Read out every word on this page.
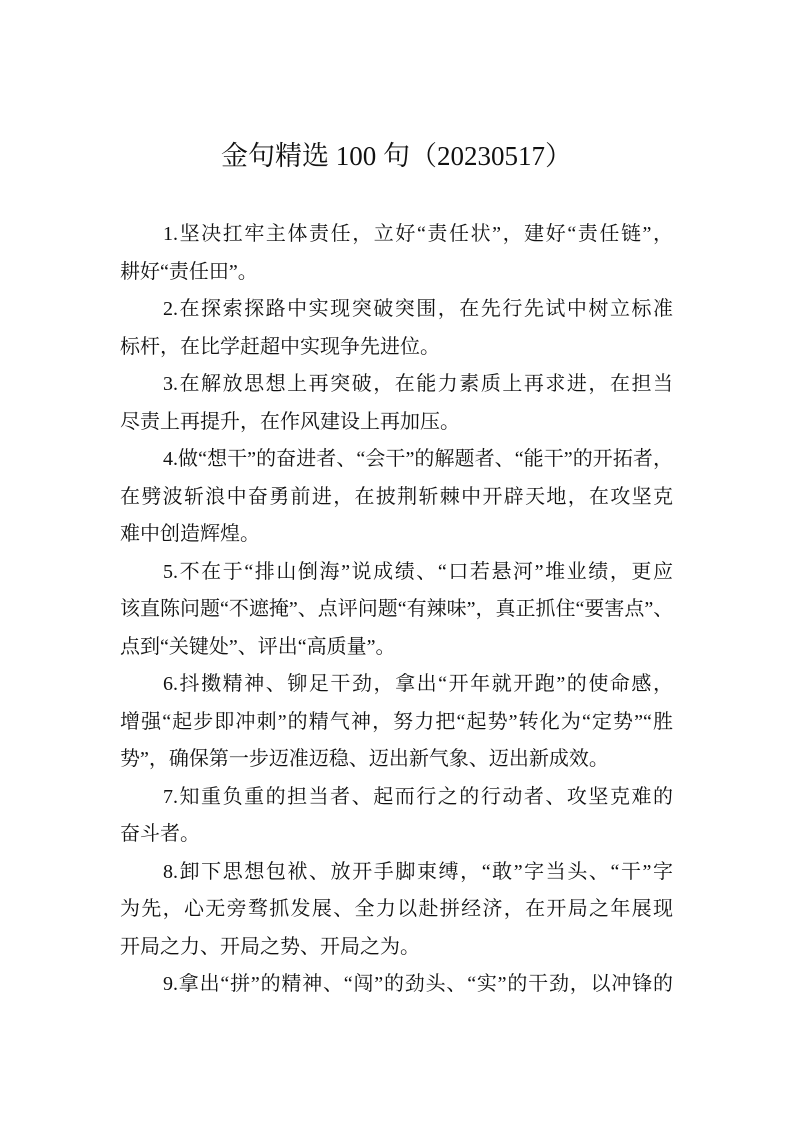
金句精选 100 句（20230517）
1.坚决扛牢主体责任，立好“责任状”，建好“责任链”，
耕好“责任田”。
2.在探索探路中实现突破突围，在先行先试中树立标准
标杆，在比学赶超中实现争先进位。
3.在解放思想上再突破，在能力素质上再求进，在担当
尽责上再提升，在作风建设上再加压。
4.做“想干”的奋进者、“会干”的解题者、“能干”的开拓者，
在劈波斩浪中奋勇前进，在披荆斩棘中开辟天地，在攻坚克
难中创造辉煌。
5.不在于“排山倒海”说成绩、“口若悬河”堆业绩，更应
该直陈问题“不遮掩”、点评问题“有辣味”，真正抓住“要害点”、
点到“关键处”、评出“高质量”。
6.抖擞精神、铆足干劲，拿出“开年就开跑”的使命感，
增强“起步即冲刺”的精气神，努力把“起势”转化为“定势”“胜
势”，确保第一步迈准迈稳、迈出新气象、迈出新成效。
7.知重负重的担当者、起而行之的行动者、攻坚克难的
奋斗者。
8.卸下思想包袱、放开手脚束缚，“敢”字当头、“干”字
为先，心无旁骛抓发展、全力以赴拼经济，在开局之年展现
开局之力、开局之势、开局之为。
9.拿出“拼”的精神、“闯”的劲头、“实”的干劲，以冲锋的
